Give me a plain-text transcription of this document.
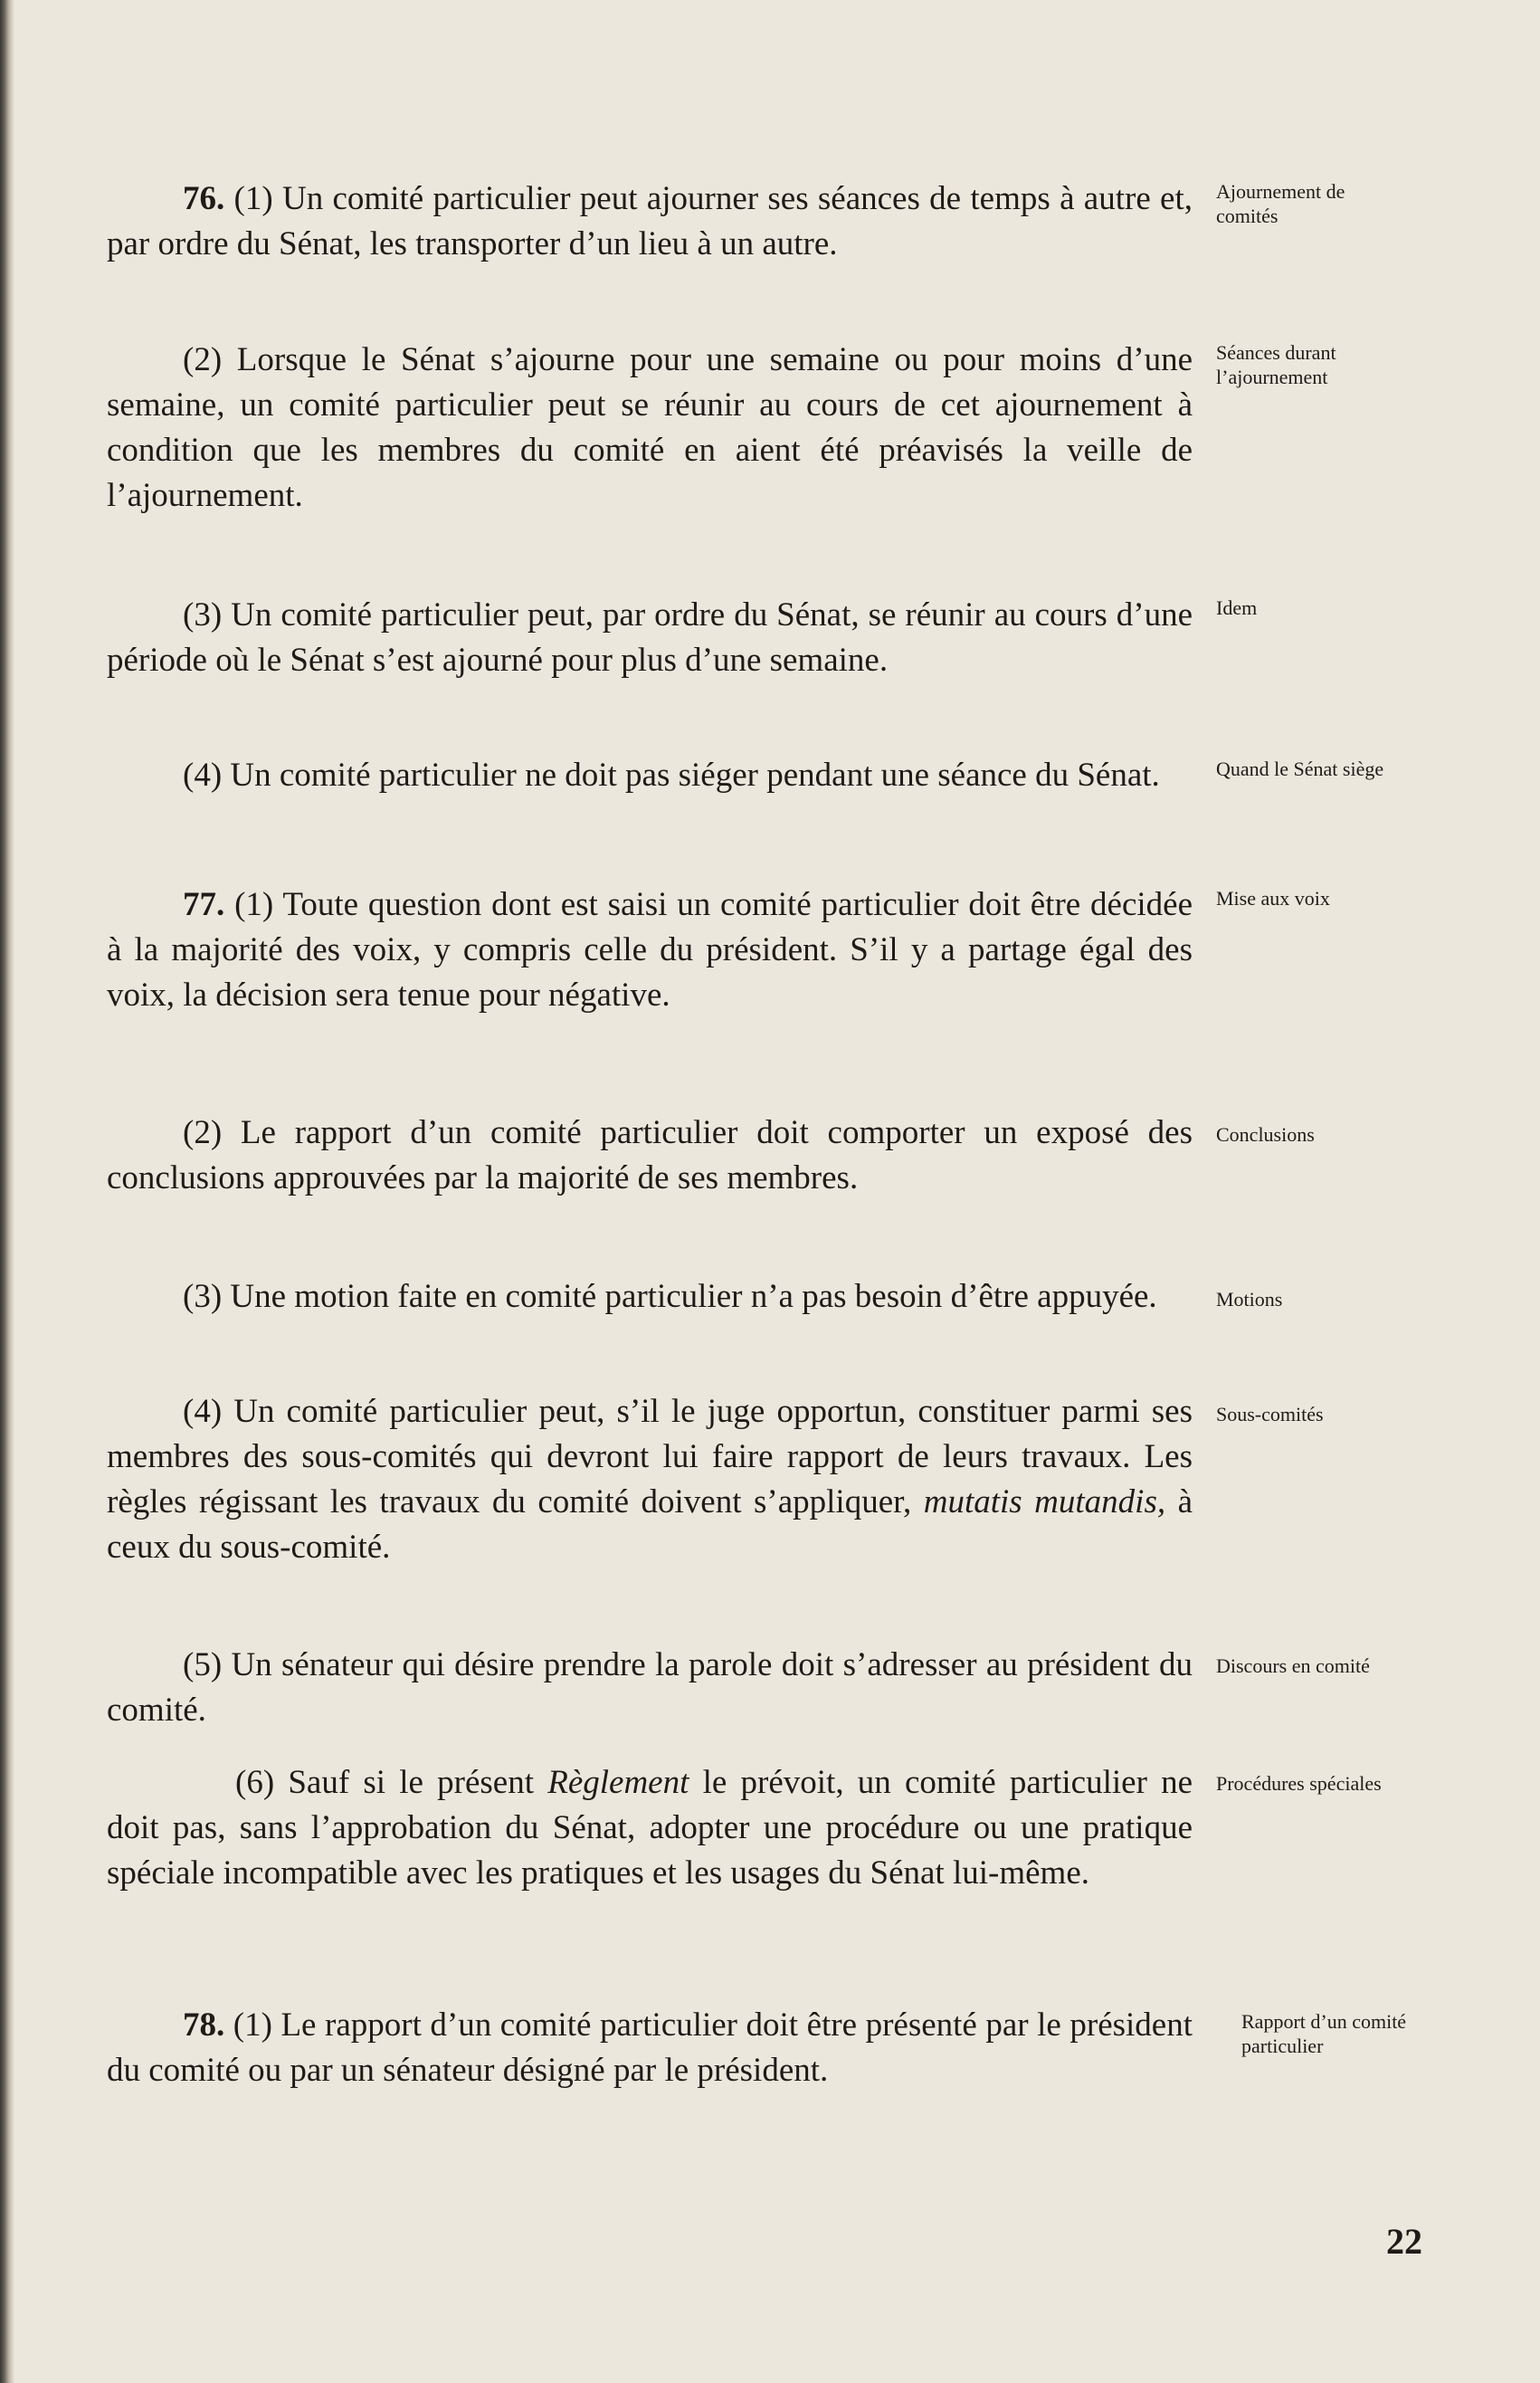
76. (1) Un comité particulier peut ajourner ses séances de temps à autre et, par ordre du Sénat, les transporter d’un lieu à un autre.

(2) Lorsque le Sénat s’ajourne pour une semaine ou pour moins d’une semaine, un comité particulier peut se réunir au cours de cet ajournement à condition que les membres du comité en aient été préavisés la veille de l’ajournement.

(3) Un comité particulier peut, par ordre du Sénat, se réunir au cours d’une période où le Sénat s’est ajourné pour plus d’une semaine.

(4) Un comité particulier ne doit pas siéger pendant une séance du Sénat.

77. (1) Toute question dont est saisi un comité particulier doit être décidée à la majorité des voix, y compris celle du président. S’il y a partage égal des voix, la décision sera tenue pour négative.

(2) Le rapport d’un comité particulier doit comporter un exposé des conclusions approuvées par la majorité de ses membres.

(3) Une motion faite en comité particulier n’a pas besoin d’être appuyée.

(4) Un comité particulier peut, s’il le juge opportun, constituer parmi ses membres des sous-comités qui devront lui faire rapport de leurs travaux. Les règles régissant les travaux du comité doivent s’appliquer, mutatis mutandis, à ceux du sous-comité.

(5) Un sénateur qui désire prendre la parole doit s’adresser au président du comité.

(6) Sauf si le présent Règlement le prévoit, un comité particulier ne doit pas, sans l’approbation du Sénat, adopter une procédure ou une pratique spéciale incompatible avec les pratiques et les usages du Sénat lui-même.

78. (1) Le rapport d’un comité particulier doit être présenté par le président du comité ou par un sénateur désigné par le président.

Ajournement de comités
Séances durant l’ajournement
Idem
Quand le Sénat siège
Mise aux voix
Conclusions
Motions
Sous-comités
Discours en comité
Procédures spéciales
Rapport d’un comité particulier
22
